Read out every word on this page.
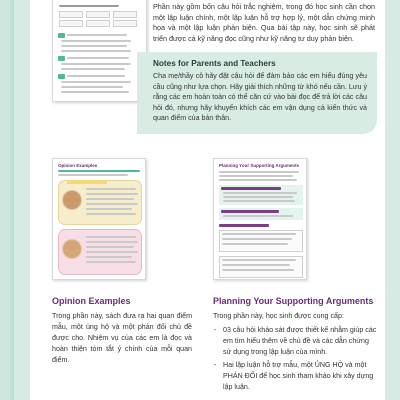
Phần này gồm bốn câu hỏi trắc nghiệm, trong đó học sinh cần chọn một lập luận chính, một lập luận hỗ trợ hợp lý, một dẫn chứng minh họa và một lập luận phản biện. Qua bài tập này, học sinh sẽ phát triển được cả kỹ năng đọc cũng như kỹ năng tư duy phản biện.
Notes for Parents and Teachers

Cha mẹ/thầy cô hãy đặt câu hỏi để đảm bảo các em hiểu đúng yêu cầu cũng như lựa chọn. Hãy giải thích những từ khó nếu cần. Lưu ý rằng các em hoàn toàn có thể căn cứ vào bài đọc để trả lời các câu hỏi đó, nhưng hãy khuyến khích các em vận dụng cả kiến thức và quan điểm của bản thân.

Opinion Examples	Planning Your Supporting Arguments
Opinion Examples

Trong phần này, sách đưa ra hai quan điểm mẫu, một ủng hộ và một phản đối chủ đề được cho. Nhiệm vụ của các em là đọc và hoàn thiện tóm tắt ý chính của mỗi quan điểm.

Planning Your Supporting Arguments

Trong phần này, học sinh được cung cấp:

- 03 câu hỏi khảo sát được thiết kế nhằm giúp các em tìm hiểu thêm về chủ đề và các dẫn chứng sử dụng trong lập luận của mình.
- Hai lập luận hỗ trợ mẫu, một ỦNG HỘ và một PHẢN ĐỐI để học sinh tham khảo khi xây dựng lập luận.
